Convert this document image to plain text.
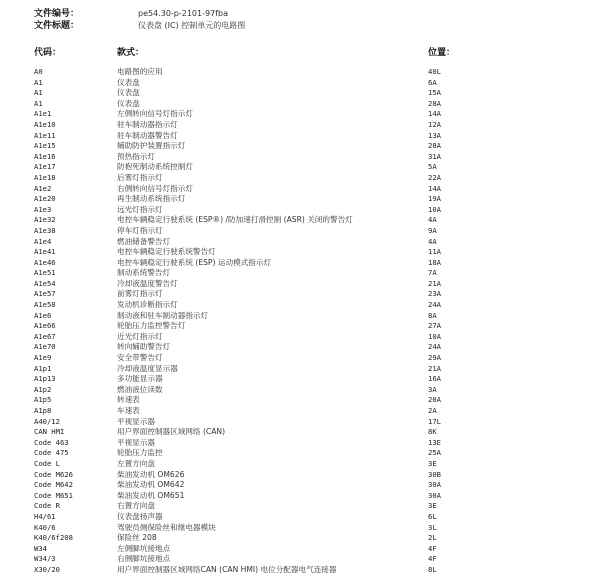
文件编号：	pe54.30-p-2101-97fba
文件标题：	仪表盘 (IC) 控制单元的电路图
代码：	款式：	位置：
A0	电路图的应用	40L
A1	仪表盘	6A
A1	仪表盘	15A
A1	仪表盘	28A
A1e1	左侧转向信号灯指示灯	14A
A1e10	驻车制动器指示灯	12A
A1e11	驻车制动器警告灯	13A
A1e15	辅助防护装置指示灯	28A
A1e16	预热指示灯	31A
A1e17	防抱死制动系统控制灯	5A
A1e18	后雾灯指示灯	22A
A1e2	右侧转向信号灯指示灯	14A
A1e20	再生制动系统指示灯	19A
A1e3	远光灯指示灯	10A
A1e32	电控车辆稳定行驶系统 (ESP®) /防加速打滑控制 (ASR) 关闭的警告灯	4A
A1e38	停车灯指示灯	9A
A1e4	燃油储备警告灯	4A
A1e41	电控车辆稳定行驶系统警告灯	11A
A1e46	电控车辆稳定行驶系统 (ESP) 运动模式指示灯	18A
A1e51	制动系统警告灯	7A
A1e54	冷却液温度警告灯	21A
A1e57	前雾灯指示灯	23A
A1e58	发动机诊断指示灯	24A
A1e6	制动液和驻车制动器指示灯	8A
A1e66	轮胎压力监控警告灯	27A
A1e67	近光灯指示灯	10A
A1e70	转向辅助警告灯	24A
A1e9	安全带警告灯	29A
A1p1	冷却液温度显示器	21A
A1p13	多功能显示器	16A
A1p2	燃油液位读数	3A
A1p5	转速表	20A
A1p8	车速表	2A
A40/12	平视显示器	17L
CAN HMI	用户界面控制器区域网络 (CAN)	8K
Code 463	平视显示器	13E
Code 475	轮胎压力监控	25A
Code L	左置方向盘	3E
Code M626	柴油发动机 OM626	30B
Code M642	柴油发动机 OM642	30A
Code M651	柴油发动机 OM651	30A
Code R	右置方向盘	3E
H4/61	仪表盘扬声器	6L
K40/6	驾驶员侧保险丝和继电器模块	3L
K40/6f208	保险丝 208	2L
W34	左侧脚坑接地点	4F
W34/3	右侧脚坑接地点	4F
X30/20	用户界面控制器区域网络CAN (CAN HMI) 电位分配器电气连接器	8L
